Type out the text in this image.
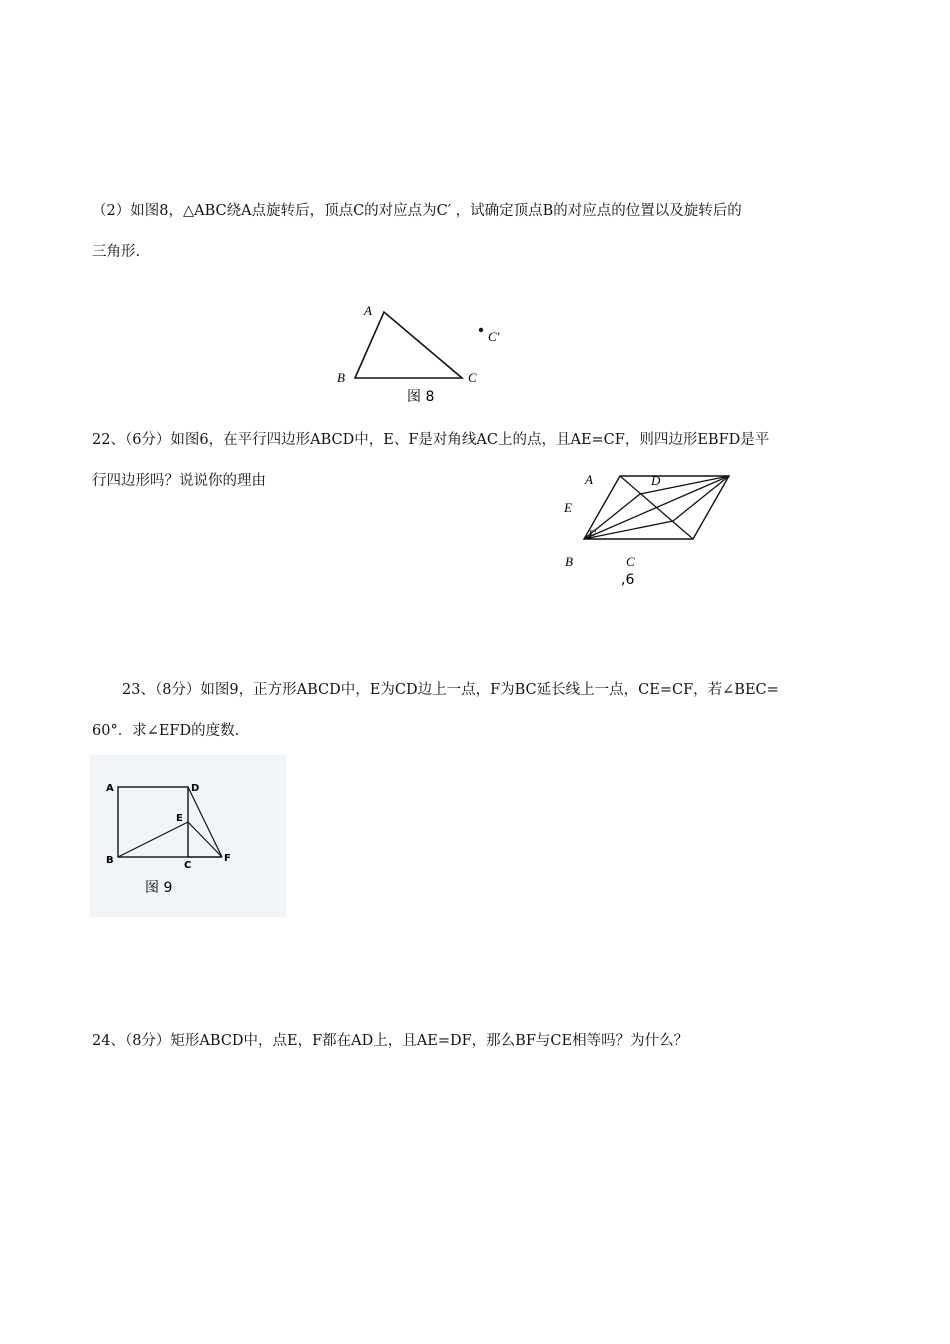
（2）如图8，△ABC绕A点旋转后，顶点C的对应点为C′ ，试确定顶点B的对应点的位置以及旋转后的
三角形.
A
B	C
C′
图 8
22、（6分）如图6，在平行四边形ABCD中，E、F是对角线AC上的点，且AE=CF，则四边形EBFD是平
行四边形吗？说说你的理由	A	D
E
F
B	C
,6
23、（8分）如图9，正方形ABCD中，E为CD边上一点，F为BC延长线上一点，CE=CF，若∠BEC=
60°．求∠EFD的度数.
A	D
E
B	C
F
图 9
24、（8分）矩形ABCD中，点E，F都在AD上，且AE=DF，那么BF与CE相等吗？为什么？
